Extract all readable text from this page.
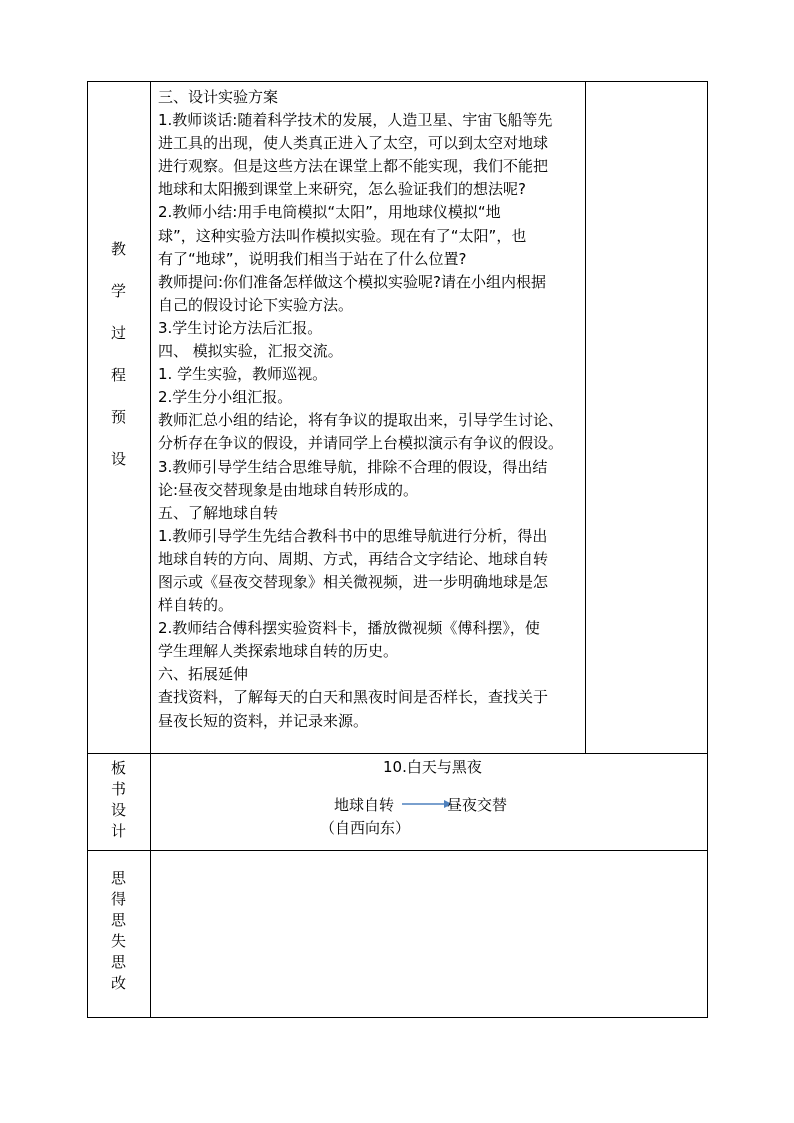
教
学
过
程
预
设

三、设计实验方案

1.教师谈话:随着科学技术的发展，人造卫星、宇宙飞船等先

进工具的出现，使人类真正进入了太空，可以到太空对地球

进行观察。但是这些方法在课堂上都不能实现，我们不能把

地球和太阳搬到课堂上来研究，怎么验证我们的想法呢?

2.教师小结:用手电筒模拟“太阳”，用地球仪模拟“地

球”，这种实验方法叫作模拟实验。现在有了“太阳”，也

有了“地球”，说明我们相当于站在了什么位置?

教师提问:你们准备怎样做这个模拟实验呢?请在小组内根据

自己的假设讨论下实验方法。

3.学生讨论方法后汇报。

四、 模拟实验，汇报交流。

1. 学生实验，教师巡视。

2.学生分小组汇报。

教师汇总小组的结论，将有争议的提取出来，引导学生讨论、

分析存在争议的假设，并请同学上台模拟演示有争议的假设。

3.教师引导学生结合思维导航，排除不合理的假设，得出结

论:昼夜交替现象是由地球自转形成的。

五、了解地球自转

1.教师引导学生先结合教科书中的思维导航进行分析，得出

地球自转的方向、周期、方式，再结合文字结论、地球自转

图示或《昼夜交替现象》相关微视频，进一步明确地球是怎

样自转的。

2.教师结合傅科摆实验资料卡，播放微视频《傅科摆》，使

学生理解人类探索地球自转的历史。

六、拓展延伸

查找资料，了解每天的白天和黑夜时间是否样长，查找关于

昼夜长短的资料，并记录来源。

板
书
设
计
10.白天与黑夜
地球自转	昼夜交替
（自西向东）
思
得
思
失
思
改
